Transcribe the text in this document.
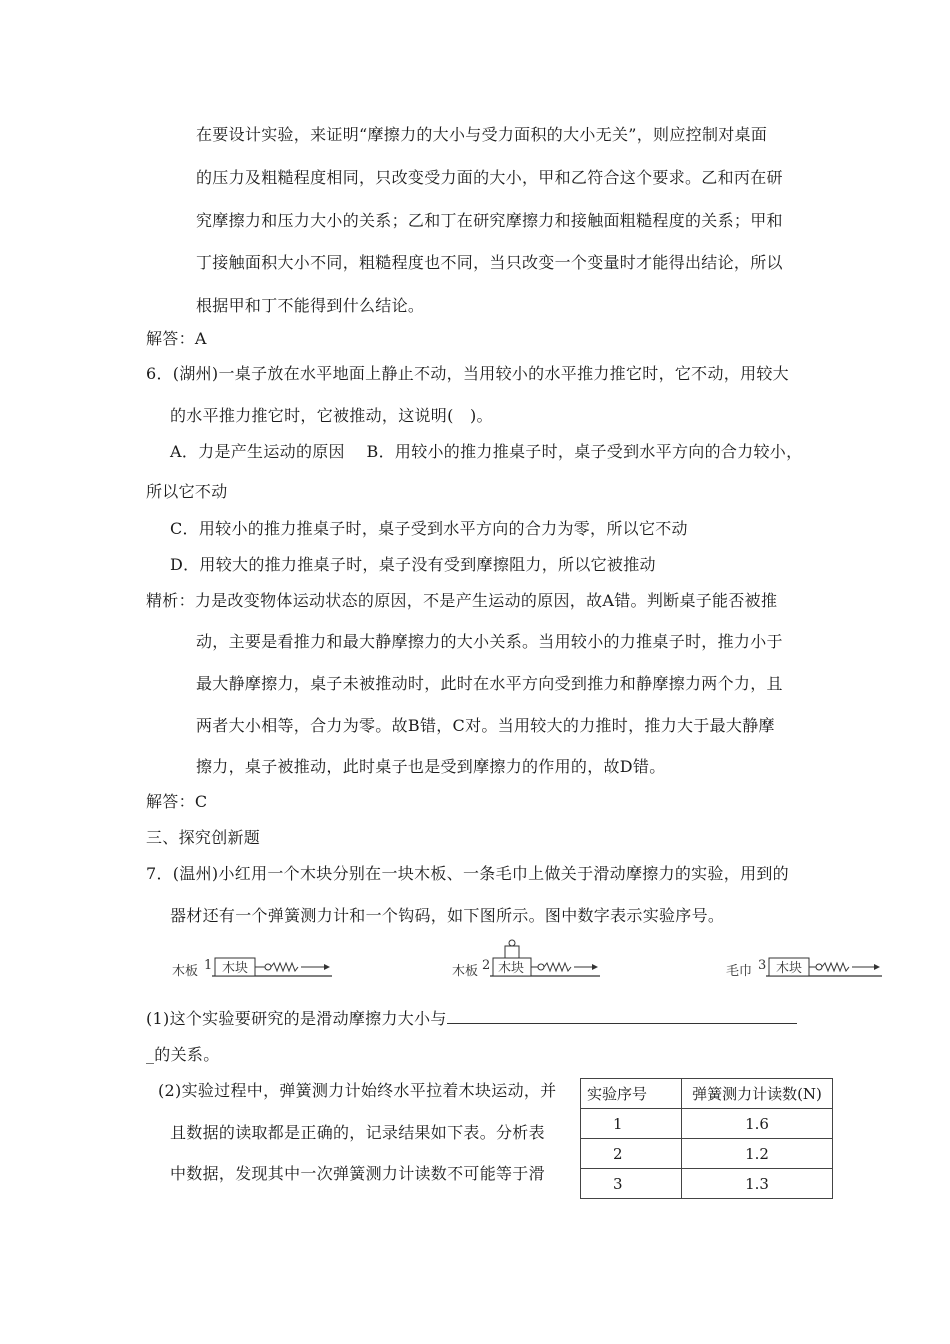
在要设计实验，来证明“摩擦力的大小与受力面积的大小无关”，则应控制对桌面
的压力及粗糙程度相同，只改变受力面的大小，甲和乙符合这个要求。乙和丙在研
究摩擦力和压力大小的关系；乙和丁在研究摩擦力和接触面粗糙程度的关系；甲和
丁接触面积大小不同，粗糙程度也不同，当只改变一个变量时才能得出结论，所以
根据甲和丁不能得到什么结论。
解答：A
6．(湖州)一桌子放在水平地面上静止不动，当用较小的水平推力推它时，它不动，用较大
的水平推力推它时，它被推动，这说明(　)。
A．力是产生运动的原因　 B．用较小的推力推桌子时，桌子受到水平方向的合力较小，
所以它不动
C．用较小的推力推桌子时，桌子受到水平方向的合力为零，所以它不动
D．用较大的推力推桌子时，桌子没有受到摩擦阻力，所以它被推动
精析：力是改变物体运动状态的原因，不是产生运动的原因，故A错。判断桌子能否被推
动，主要是看推力和最大静摩擦力的大小关系。当用较小的力推桌子时，推力小于
最大静摩擦力，桌子未被推动时，此时在水平方向受到推力和静摩擦力两个力，且
两者大小相等，合力为零。故B错，C对。当用较大的力推时，推力大于最大静摩
擦力，桌子被推动，此时桌子也是受到摩擦力的作用的，故D错。
解答：C
三、探究创新题
7．(温州)小红用一个木块分别在一块木板、一条毛巾上做关于滑动摩擦力的实验，用到的
器材还有一个弹簧测力计和一个钩码，如下图所示。图中数字表示实验序号。
木板 1 木块	木板 2 木块	毛巾 3 木块
(1)这个实验要研究的是滑动摩擦力大小与
_的关系。
(2)实验过程中，弹簧测力计始终水平拉着木块运动，并
且数据的读取都是正确的，记录结果如下表。分析表
中数据，发现其中一次弹簧测力计读数不可能等于滑
实验序号	弹簧测力计读数(N)
1	1.6
2	1.2
3	1.3
